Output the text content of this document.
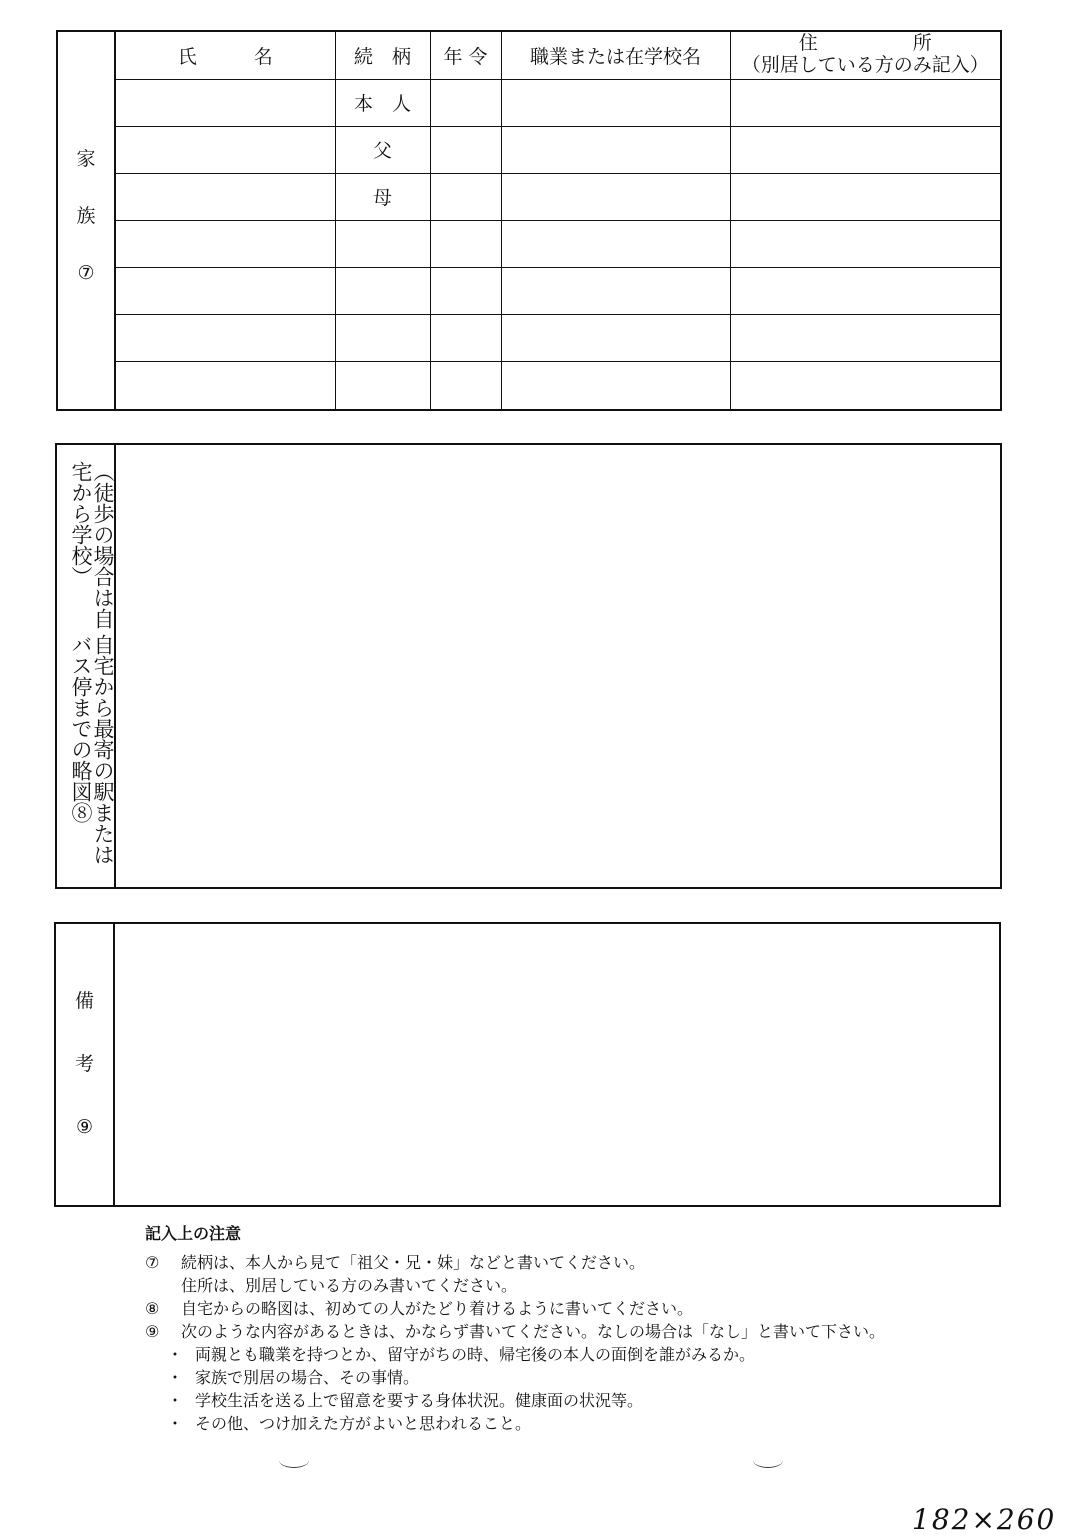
家
族
⑦
氏　　　名	続　柄	年 令	職業または在学校名	住　　　　　所
（別居している方のみ記入）

	本　人			
	父			
	母			

（徒歩の場合は自宅から学校）
自宅から最寄の駅またはバス停までの略図⑧
備
考
⑨
記入上の注意
⑦	続柄は、本人から見て「祖父・兄・妹」などと書いてください。
住所は、別居している方のみ書いてください。
⑧	自宅からの略図は、初めての人がたどり着けるように書いてください。
⑨	次のような内容があるときは、かならず書いてください。なしの場合は「なし」と書いて下さい。
・ 両親とも職業を持つとか、留守がちの時、帰宅後の本人の面倒を誰がみるか。
・ 家族で別居の場合、その事情。
・ 学校生活を送る上で留意を要する身体状況。健康面の状況等。
・ その他、つけ加えた方がよいと思われること。
182×260
